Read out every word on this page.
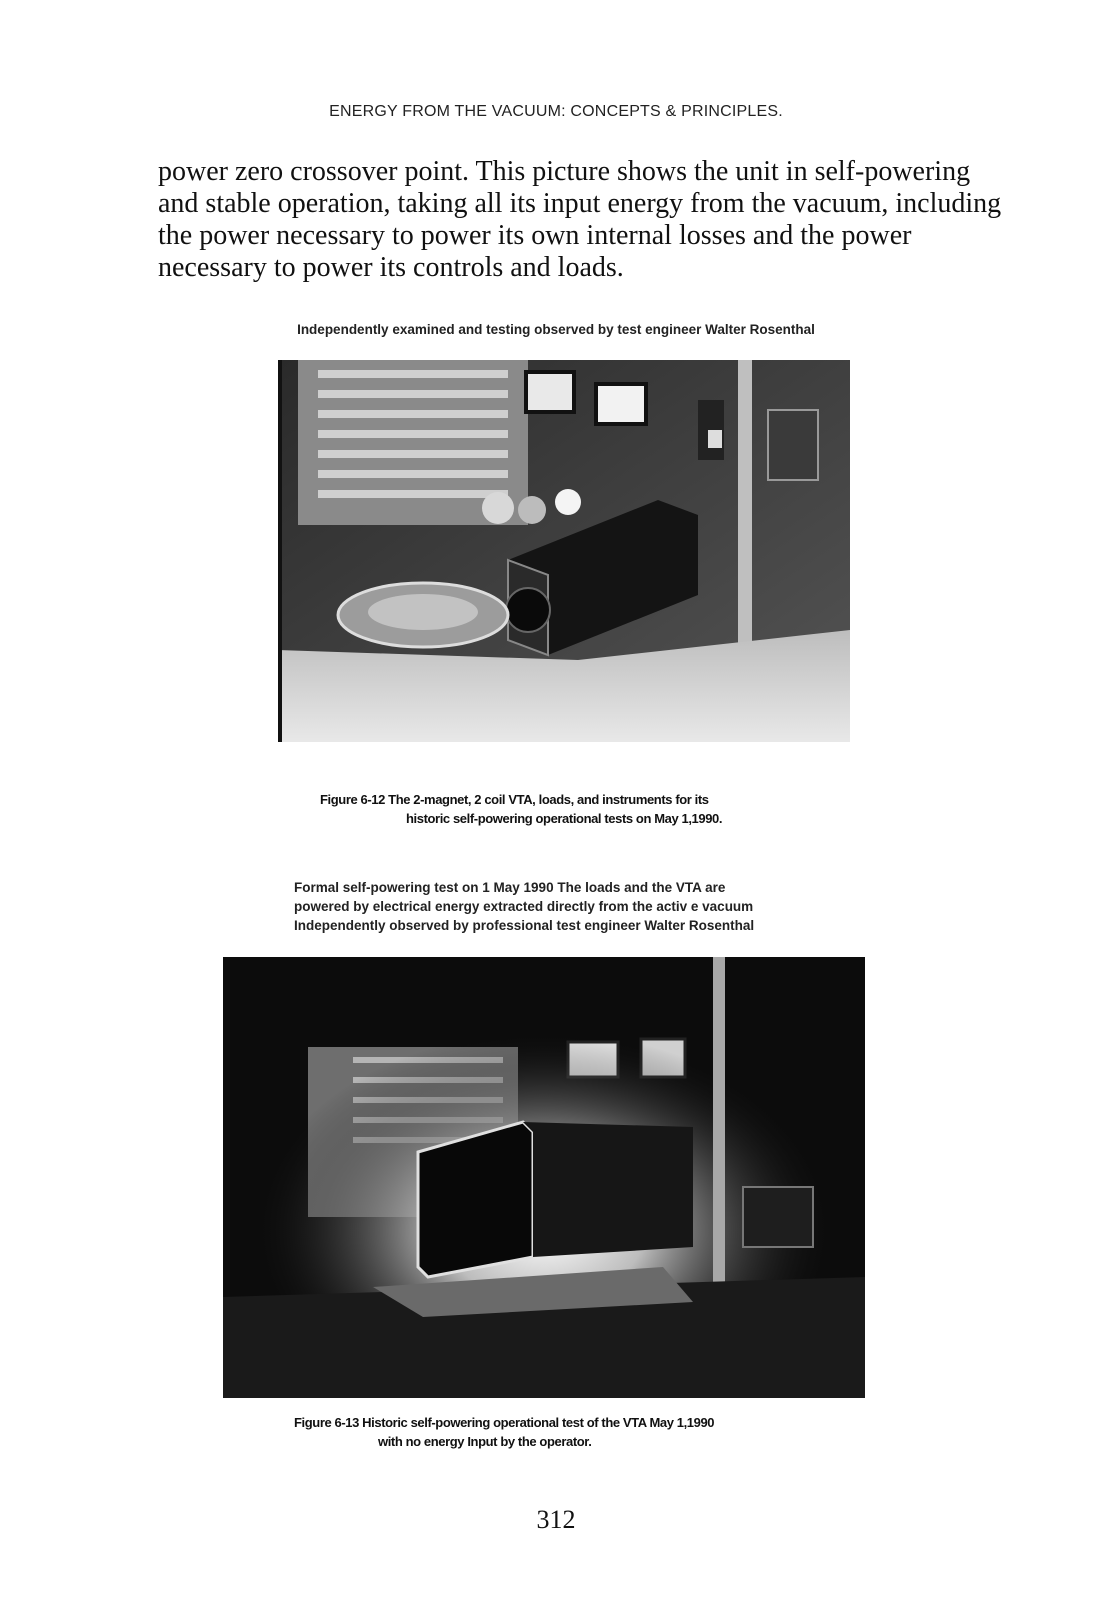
ENERGY FROM THE VACUUM: CONCEPTS & PRINCIPLES.
power zero crossover point. This picture shows the unit in self-powering
and stable operation, taking all its input energy from the vacuum, including
the power necessary to power its own internal losses and the power
necessary to power its controls and loads.
Independently examined and testing observed by test engineer Walter Rosenthal
Figure 6-12 The 2-magnet, 2 coil VTA, loads, and instruments for its
historic self-powering operational tests on May 1,1990.
Formal self-powering test on 1 May 1990 The loads and the VTA are
powered by electrical energy extracted directly from the activ e vacuum
Independently observed by professional test engineer Walter Rosenthal
Figure 6-13 Historic self-powering operational test of the VTA May 1,1990
with no energy Input by the operator.
312
